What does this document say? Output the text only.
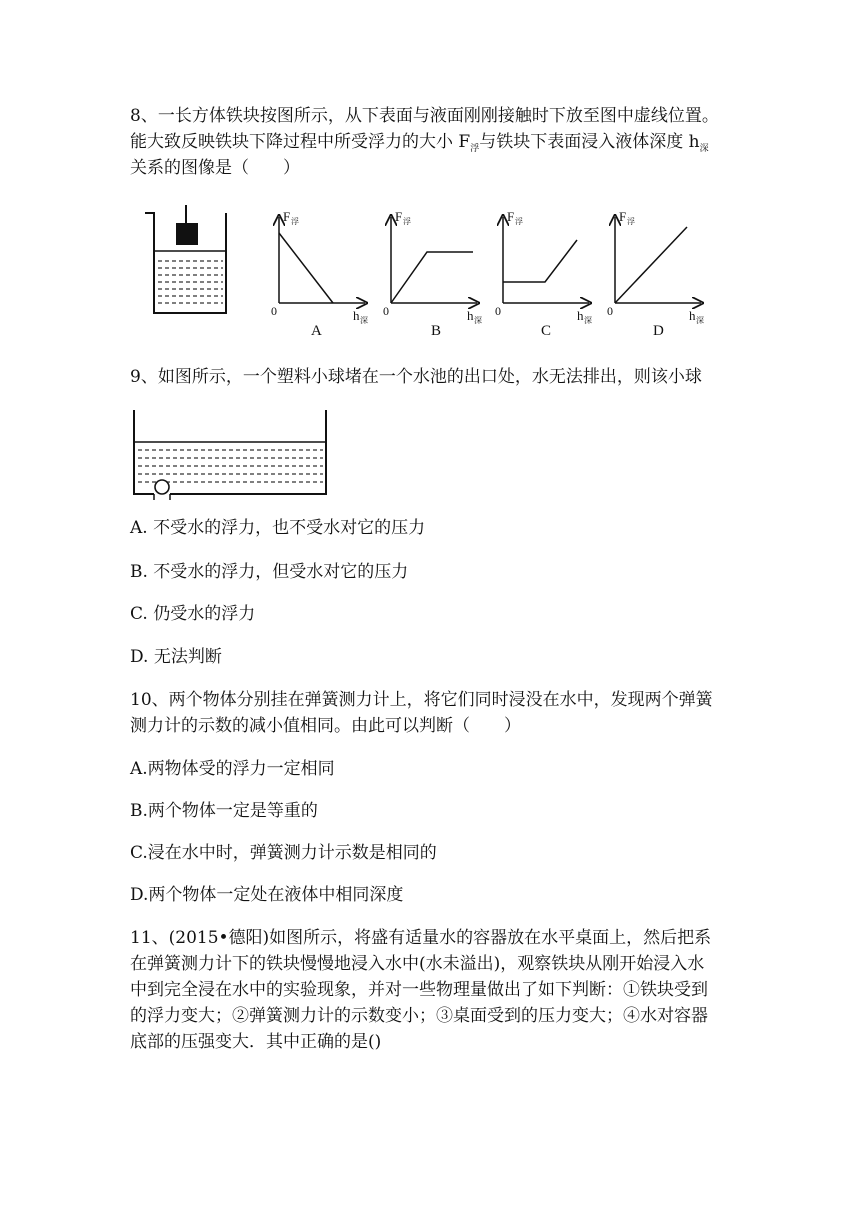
8、一长方体铁块按图所示，从下表面与液面刚刚接触时下放至图中虚线位置。
能大致反映铁块下降过程中所受浮力的大小 $F_浮$与铁块下表面浸入液体深度 $h_深$
关系的图像是（　　）
F 浮
0	h 深
A
F 浮
0	h 深
B
F 浮
0	h 深
C
F 浮
0	h 深
D
9、如图所示，一个塑料小球堵在一个水池的出口处，水无法排出，则该小球
A. 不受水的浮力，也不受水对它的压力
B. 不受水的浮力，但受水对它的压力
C. 仍受水的浮力
D. 无法判断
10、两个物体分别挂在弹簧测力计上，将它们同时浸没在水中，发现两个弹簧
测力计的示数的减小值相同。由此可以判断（　　）
A.两物体受的浮力一定相同
B.两个物体一定是等重的
C.浸在水中时，弹簧测力计示数是相同的
D.两个物体一定处在液体中相同深度
11、(2015•德阳)如图所示，将盛有适量水的容器放在水平桌面上，然后把系
在弹簧测力计下的铁块慢慢地浸入水中(水未溢出)，观察铁块从刚开始浸入水
中到完全浸在水中的实验现象，并对一些物理量做出了如下判断：①铁块受到
的浮力变大；②弹簧测力计的示数变小；③桌面受到的压力变大；④水对容器
底部的压强变大．其中正确的是()
